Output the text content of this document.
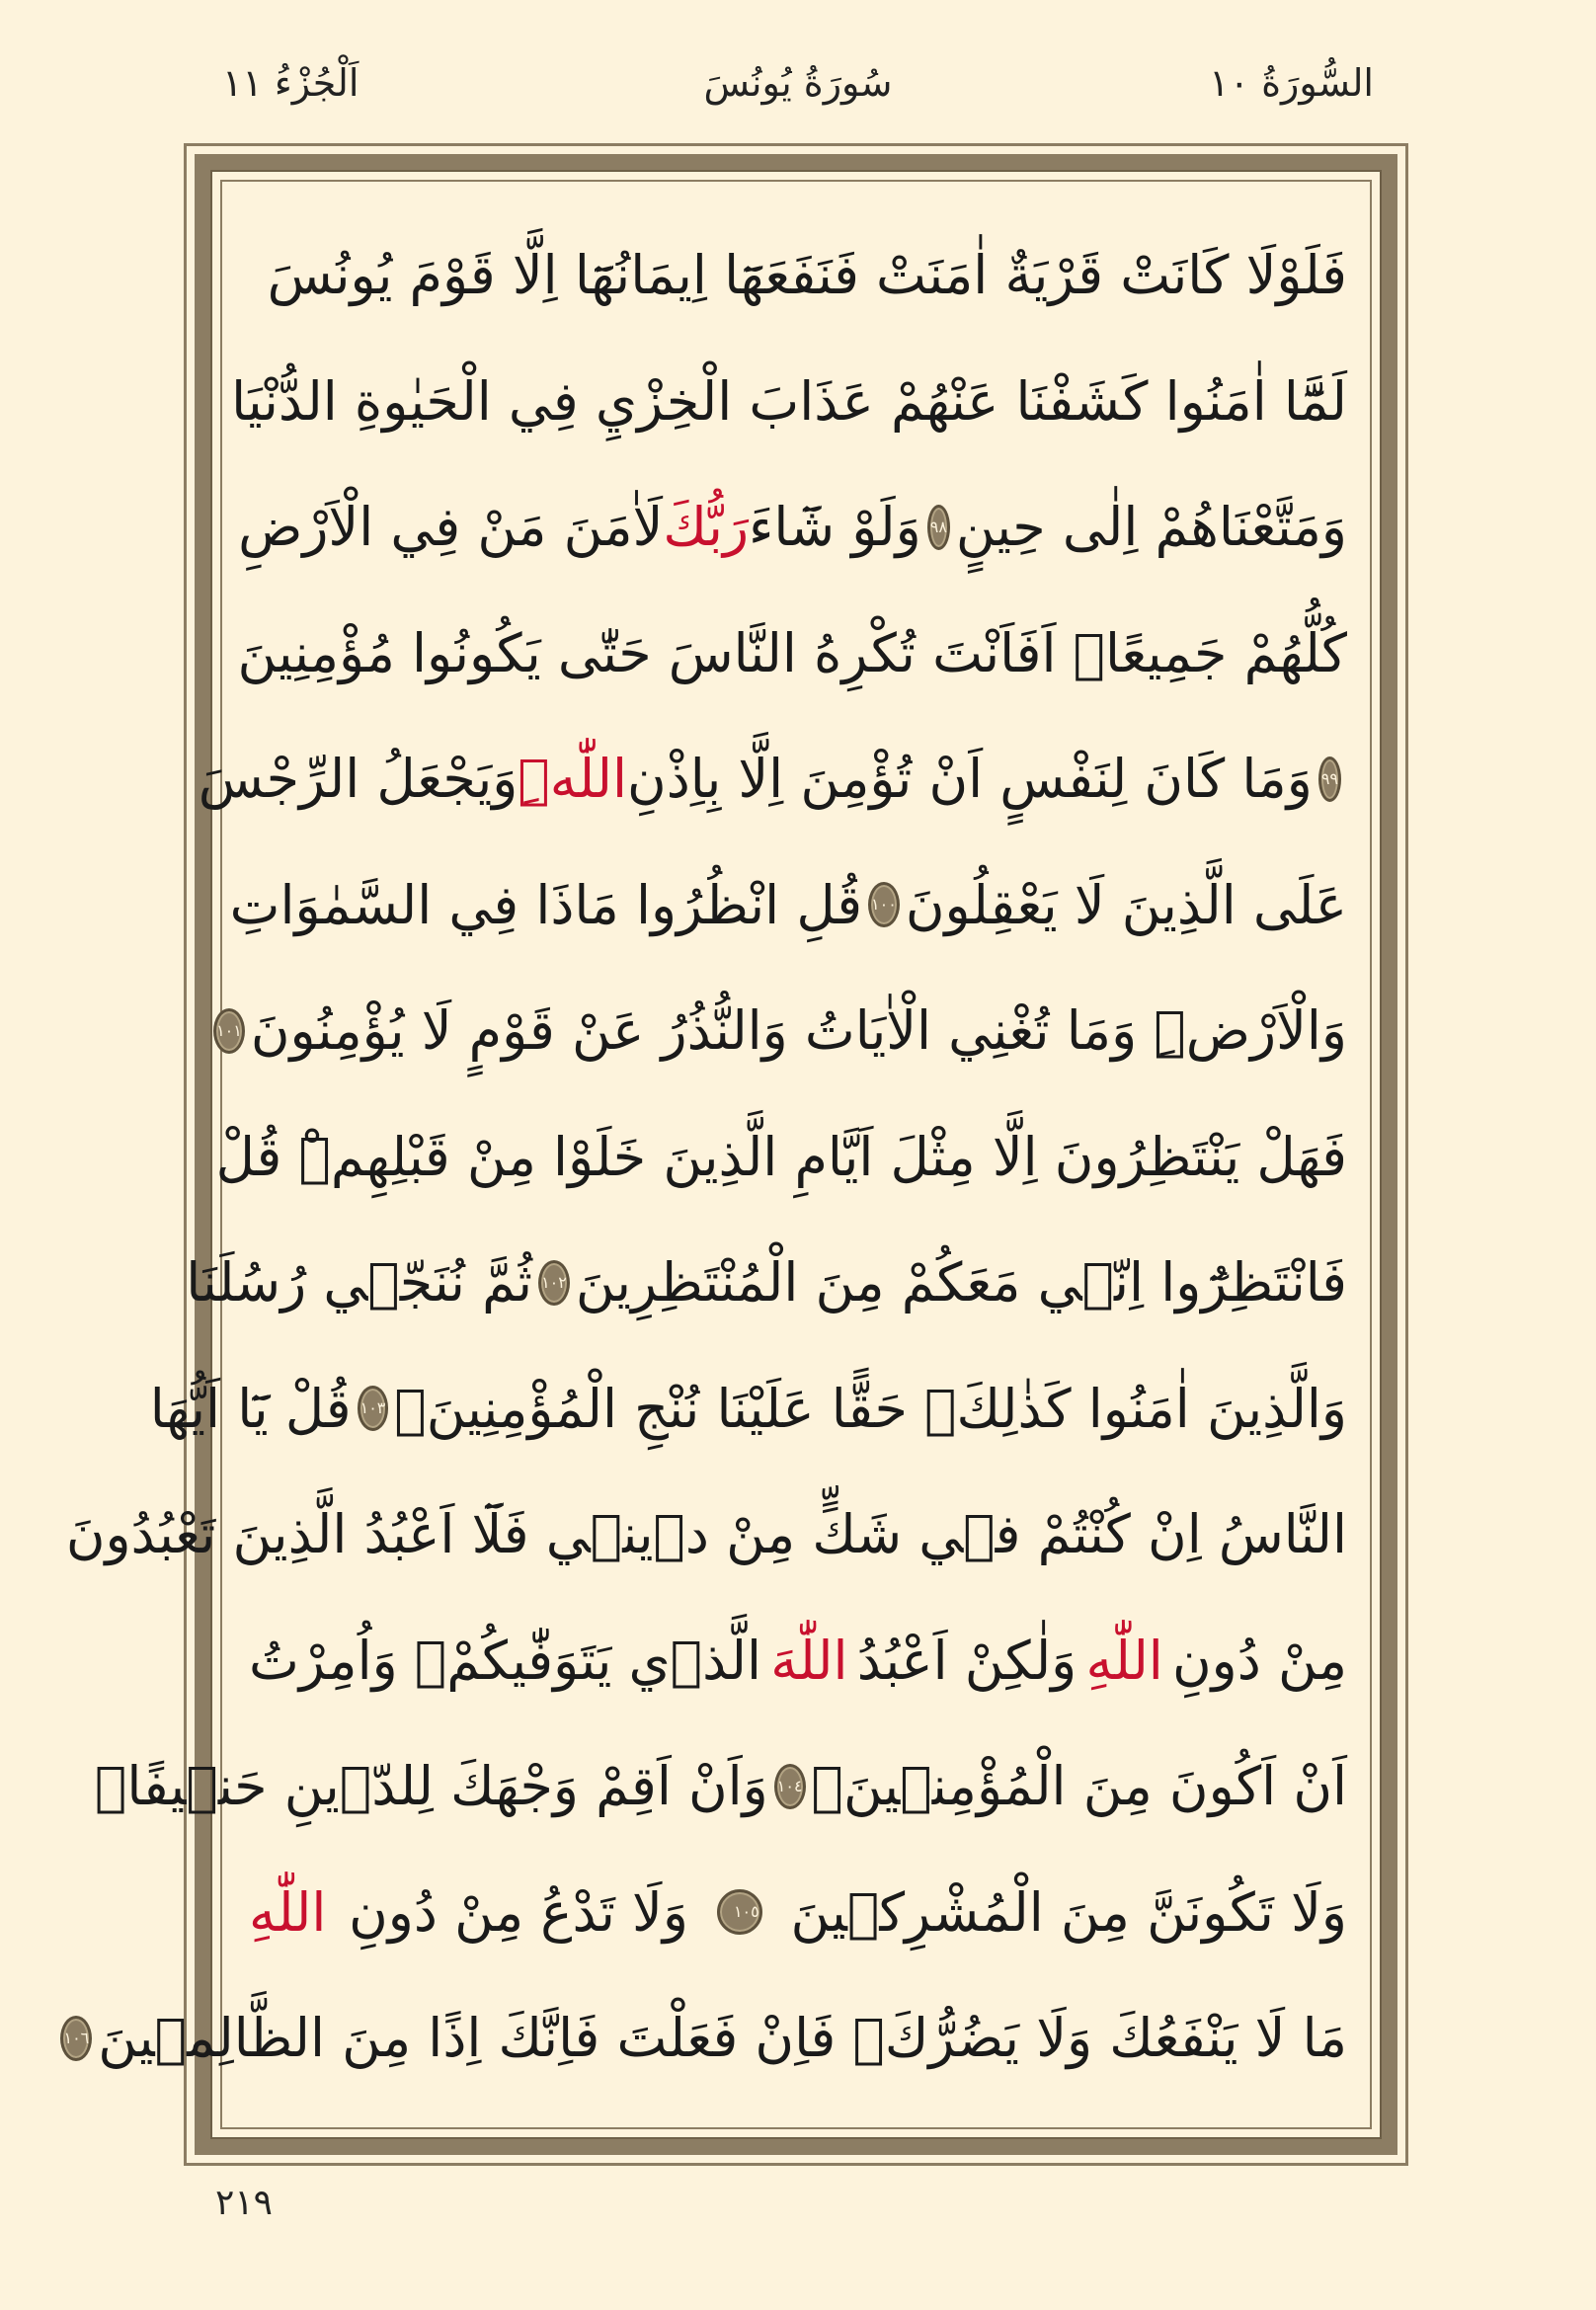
السُّورَةُ ١٠
سُورَةُ يُونُسَ
اَلْجُزْءُ ١١
فَلَوْلَا كَانَتْ قَرْيَةٌ اٰمَنَتْ فَنَفَعَهَٓا اِيمَانُهَٓا اِلَّا قَوْمَ يُونُسَ
لَمَّٓا اٰمَنُوا كَشَفْنَا عَنْهُمْ عَذَابَ الْخِزْيِ فِي الْحَيٰوةِ الدُّنْيَا
وَمَتَّعْنَاهُمْ اِلٰى حِينٍ
٩٨
وَلَوْ شَٓاءَ
رَبُّكَ
لَاٰمَنَ مَنْ فِي الْاَرْضِ
كُلُّهُمْ جَمِيعًاۜ اَفَاَنْتَ تُكْرِهُ النَّاسَ حَتّٰى يَكُونُوا مُؤْمِنِينَ
٩٩
وَمَا كَانَ لِنَفْسٍ اَنْ تُؤْمِنَ اِلَّا بِاِذْنِ
اللّٰهِۜ
وَيَجْعَلُ الرِّجْسَ
عَلَى الَّذِينَ لَا يَعْقِلُونَ
١٠٠
قُلِ انْظُرُوا مَاذَا فِي السَّمٰوَاتِ
وَالْاَرْضِۜ وَمَا تُغْنِي الْاٰيَاتُ وَالنُّذُرُ عَنْ قَوْمٍ لَا يُؤْمِنُونَ
١٠١
فَهَلْ يَنْتَظِرُونَ اِلَّا مِثْلَ اَيَّامِ الَّذِينَ خَلَوْا مِنْ قَبْلِهِمْۜ قُلْ
فَانْتَظِرُٓوا اِنّ۪ي مَعَكُمْ مِنَ الْمُنْتَظِرِينَ
١٠٢
ثُمَّ نُنَجّ۪ي رُسُلَنَا
وَالَّذِينَ اٰمَنُوا كَذٰلِكَۚ حَقًّا عَلَيْنَا نُنْجِ الْمُؤْمِنِينَ۟
١٠٣
قُلْ يَٓا اَيُّهَا
النَّاسُ اِنْ كُنْتُمْ ف۪ي شَكٍّ مِنْ د۪ين۪ي فَلَٓا اَعْبُدُ الَّذِينَ تَعْبُدُونَ
مِنْ دُونِ
اللّٰهِ
وَلٰكِنْ اَعْبُدُ
اللّٰهَ
الَّذ۪ي يَتَوَفّٰيكُمْۚ وَاُمِرْتُ
اَنْ اَكُونَ مِنَ الْمُؤْمِن۪ينَۙ
١٠٤
وَاَنْ اَقِمْ وَجْهَكَ لِلدّ۪ينِ حَن۪يفًاۚ
وَلَا تَكُونَنَّ مِنَ الْمُشْرِك۪ينَ
١٠٥
وَلَا تَدْعُ مِنْ دُونِ
اللّٰهِ
مَا لَا يَنْفَعُكَ وَلَا يَضُرُّكَۚ فَاِنْ فَعَلْتَ فَاِنَّكَ اِذًا مِنَ الظَّالِم۪ينَ
١٠٦
٢١٩
